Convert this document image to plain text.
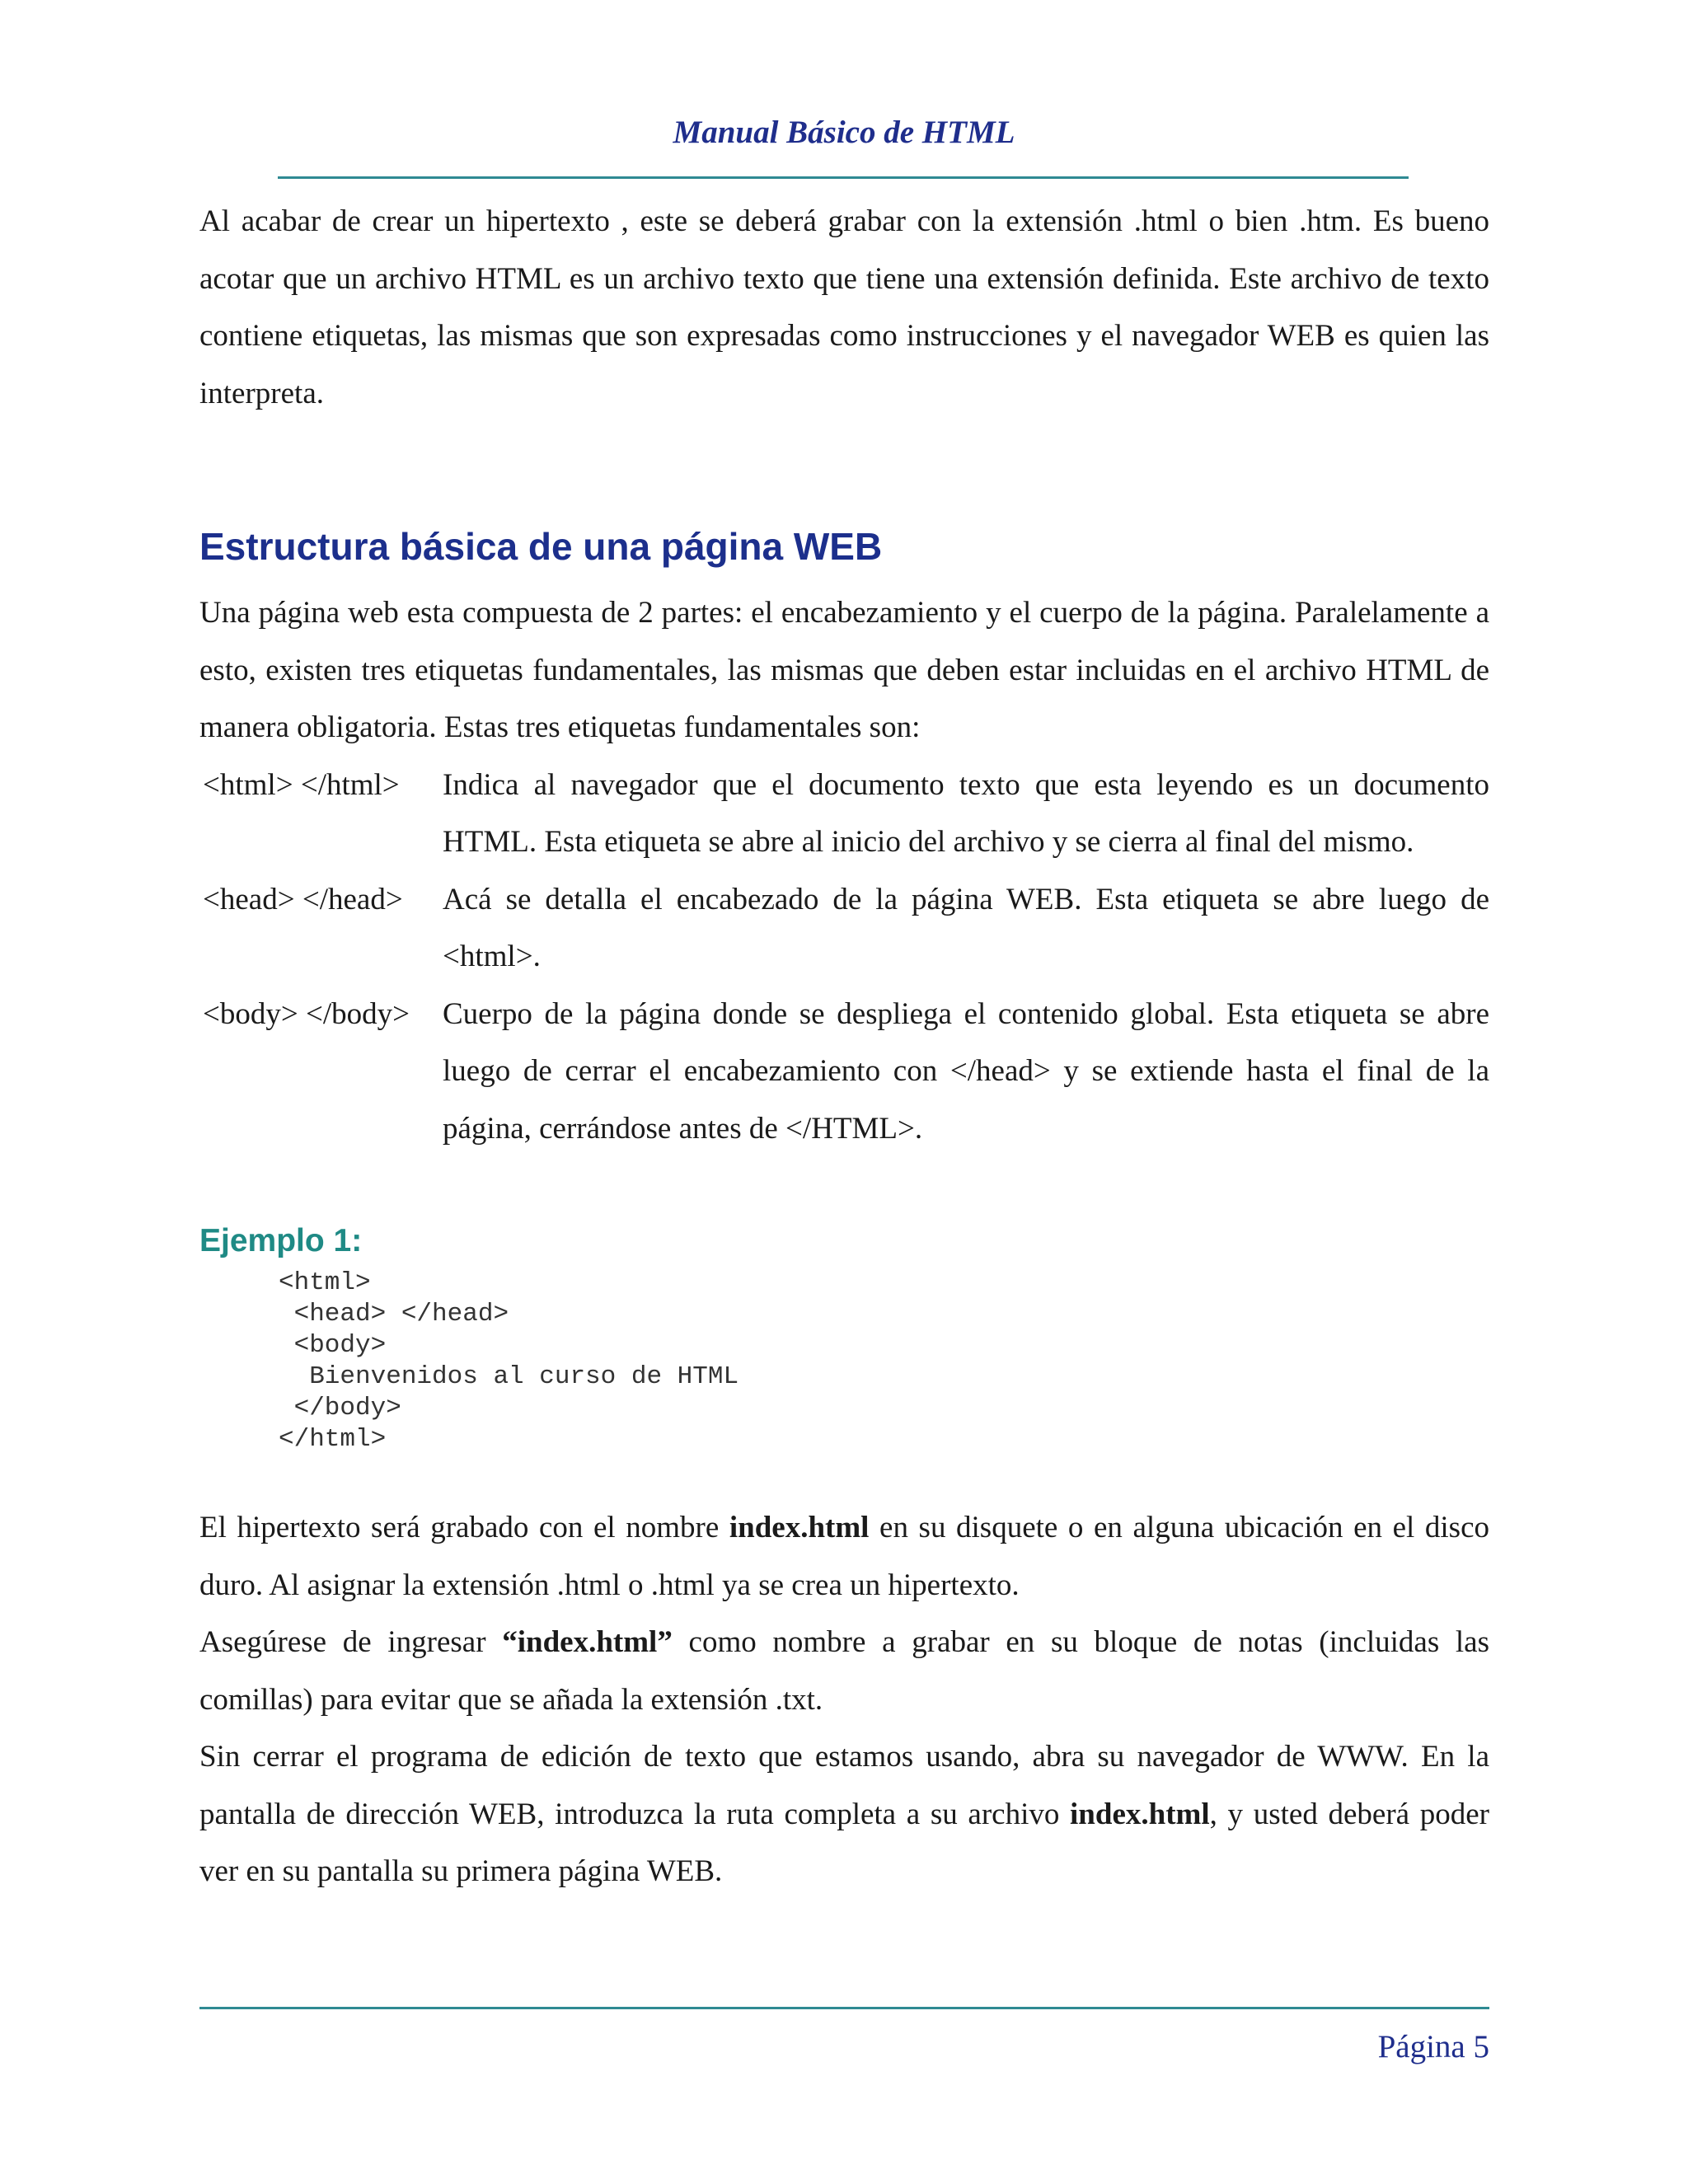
Manual Básico de HTML

Al acabar de crear un hipertexto , este se deberá grabar con la extensión .html o bien .htm. Es bueno acotar que un archivo HTML es un archivo texto que tiene una extensión definida. Este archivo de texto contiene etiquetas, las mismas que son expresadas como instrucciones y el navegador WEB es quien las interpreta.

Estructura básica de una página WEB

Una página web esta compuesta de 2 partes: el encabezamiento y el cuerpo de la página. Paralelamente a esto, existen tres etiquetas fundamentales, las mismas que deben estar incluidas en el archivo HTML de manera obligatoria. Estas tres etiquetas fundamentales son:

<html> </html>	Indica al navegador que el documento texto que esta leyendo es un documento HTML. Esta etiqueta se abre al inicio del archivo y se cierra al final del mismo.
<head> </head>	Acá se detalla el encabezado de la página WEB. Esta etiqueta se abre luego de <html>.
<body> </body>	Cuerpo de la página donde se despliega el contenido global. Esta etiqueta se abre luego de cerrar el encabezamiento con </head> y se extiende hasta el final de la página, cerrándose antes de </HTML>.
Ejemplo 1:
<html>
<head> </head>
<body>
Bienvenidos al curso de HTML
</body>
</html>

El hipertexto será grabado con el nombre index.html en su disquete o en alguna ubicación en el disco duro. Al asignar la extensión .html o .html ya se crea un hipertexto.

Asegúrese de ingresar “index.html” como nombre a grabar en su bloque de notas (incluidas las comillas) para evitar que se añada la extensión .txt.

Sin cerrar el programa de edición de texto que estamos usando, abra su navegador de WWW. En la pantalla de dirección WEB, introduzca la ruta completa a su archivo index.html, y usted deberá poder ver en su pantalla su primera página WEB.

Página 5
